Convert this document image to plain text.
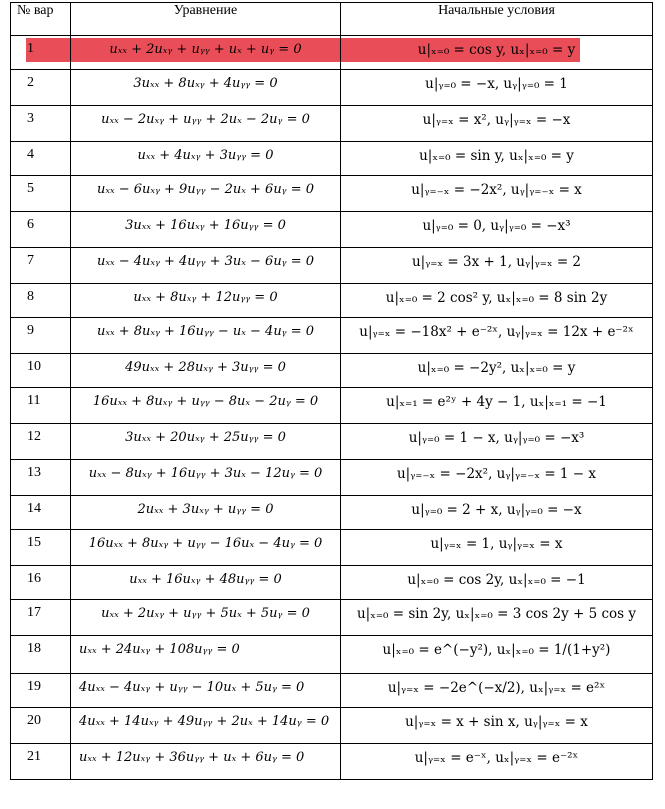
№ вар	Уравнение	Начальные условия
1	uₓₓ + 2uₓᵧ + uᵧᵧ + uₓ + uᵧ = 0	u|ₓ₌₀ = cos y, uₓ|ₓ₌₀ = y
2	3uₓₓ + 8uₓᵧ + 4uᵧᵧ = 0	u|ᵧ₌₀ = −x, uᵧ|ᵧ₌₀ = 1
3	uₓₓ − 2uₓᵧ + uᵧᵧ + 2uₓ − 2uᵧ = 0	u|ᵧ₌ₓ = x², uᵧ|ᵧ₌ₓ = −x
4	uₓₓ + 4uₓᵧ + 3uᵧᵧ = 0	u|ₓ₌₀ = sin y, uₓ|ₓ₌₀ = y
5	uₓₓ − 6uₓᵧ + 9uᵧᵧ − 2uₓ + 6uᵧ = 0	u|ᵧ₌₋ₓ = −2x², uᵧ|ᵧ₌₋ₓ = x
6	3uₓₓ + 16uₓᵧ + 16uᵧᵧ = 0	u|ᵧ₌₀ = 0, uᵧ|ᵧ₌₀ = −x³
7	uₓₓ − 4uₓᵧ + 4uᵧᵧ + 3uₓ − 6uᵧ = 0	u|ᵧ₌ₓ = 3x + 1, uᵧ|ᵧ₌ₓ = 2
8	uₓₓ + 8uₓᵧ + 12uᵧᵧ = 0	u|ₓ₌₀ = 2 cos² y, uₓ|ₓ₌₀ = 8 sin 2y
9	uₓₓ + 8uₓᵧ + 16uᵧᵧ − uₓ − 4uᵧ = 0	u|ᵧ₌ₓ = −18x² + e⁻²ˣ, uᵧ|ᵧ₌ₓ = 12x + e⁻²ˣ
10	49uₓₓ + 28uₓᵧ + 3uᵧᵧ = 0	u|ₓ₌₀ = −2y², uₓ|ₓ₌₀ = y
11	16uₓₓ + 8uₓᵧ + uᵧᵧ − 8uₓ − 2uᵧ = 0	u|ₓ₌₁ = e²ʸ + 4y − 1, uₓ|ₓ₌₁ = −1
12	3uₓₓ + 20uₓᵧ + 25uᵧᵧ = 0	u|ᵧ₌₀ = 1 − x, uᵧ|ᵧ₌₀ = −x³
13	uₓₓ − 8uₓᵧ + 16uᵧᵧ + 3uₓ − 12uᵧ = 0	u|ᵧ₌₋ₓ = −2x², uᵧ|ᵧ₌₋ₓ = 1 − x
14	2uₓₓ + 3uₓᵧ + uᵧᵧ = 0	u|ᵧ₌₀ = 2 + x, uᵧ|ᵧ₌₀ = −x
15	16uₓₓ + 8uₓᵧ + uᵧᵧ − 16uₓ − 4uᵧ = 0	u|ᵧ₌ₓ = 1, uᵧ|ᵧ₌ₓ = x
16	uₓₓ + 16uₓᵧ + 48uᵧᵧ = 0	u|ₓ₌₀ = cos 2y, uₓ|ₓ₌₀ = −1
17	uₓₓ + 2uₓᵧ + uᵧᵧ + 5uₓ + 5uᵧ = 0	u|ₓ₌₀ = sin 2y, uₓ|ₓ₌₀ = 3 cos 2y + 5 cos y
18	uₓₓ + 24uₓᵧ + 108uᵧᵧ = 0	u|ₓ₌₀ = e^(−y²), uₓ|ₓ₌₀ = 1/(1+y²)
19	4uₓₓ − 4uₓᵧ + uᵧᵧ − 10uₓ + 5uᵧ = 0	u|ᵧ₌ₓ = −2e^(−x/2), uₓ|ᵧ₌ₓ = e²ˣ
20	4uₓₓ + 14uₓᵧ + 49uᵧᵧ + 2uₓ + 14uᵧ = 0	u|ᵧ₌ₓ = x + sin x, uᵧ|ᵧ₌ₓ = x
21	uₓₓ + 12uₓᵧ + 36uᵧᵧ + uₓ + 6uᵧ = 0	u|ᵧ₌ₓ = e⁻ˣ, uₓ|ᵧ₌ₓ = e⁻²ˣ
